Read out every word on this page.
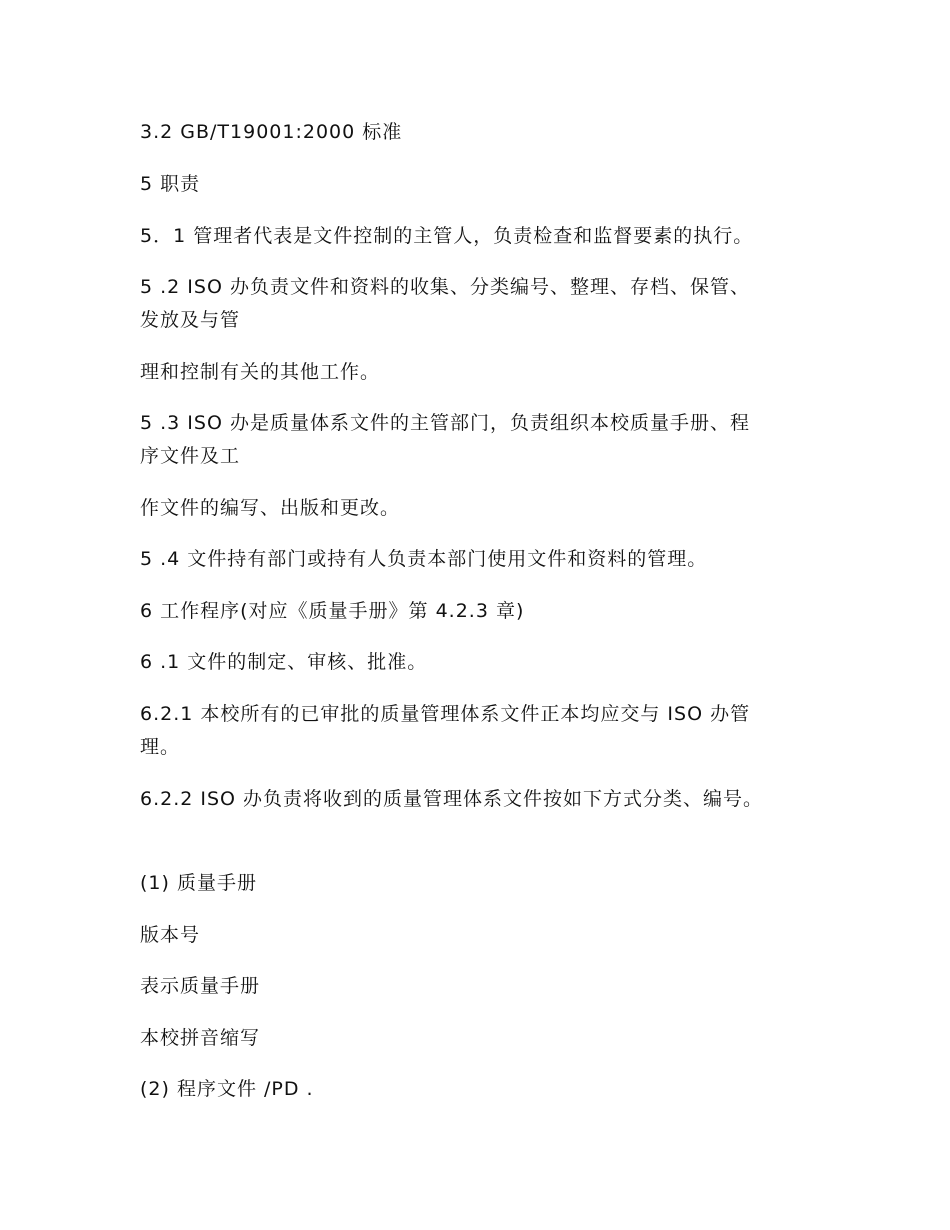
3.2 GB/T19001:2000 标准
5 职责
5．1 管理者代表是文件控制的主管人，负责检查和监督要素的执行。
5 .2 ISO 办负责文件和资料的收集、分类编号、整理、存档、保管、
发放及与管
理和控制有关的其他工作。
5 .3 ISO 办是质量体系文件的主管部门，负责组织本校质量手册、程
序文件及工
作文件的编写、出版和更改。
5 .4 文件持有部门或持有人负责本部门使用文件和资料的管理。
6 工作程序(对应《质量手册》第 4.2.3 章)
6 .1 文件的制定、审核、批准。
6.2.1 本校所有的已审批的质量管理体系文件正本均应交与 ISO 办管
理。
6.2.2 ISO 办负责将收到的质量管理体系文件按如下方式分类、编号。
(1) 质量手册
版本号
表示质量手册
本校拼音缩写
(2) 程序文件 /PD .
